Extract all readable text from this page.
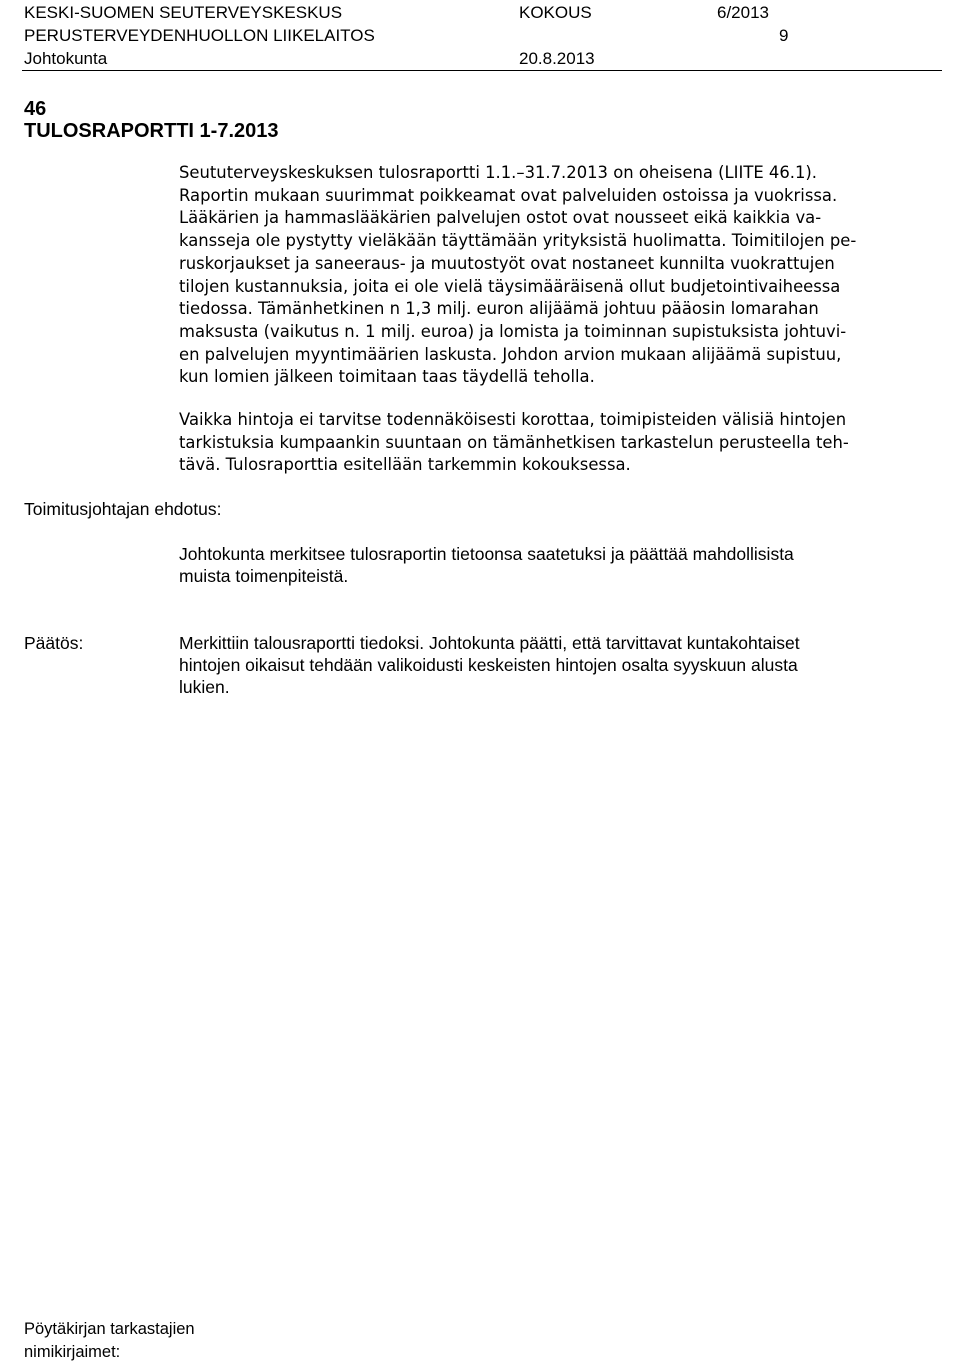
KESKI-SUOMEN SEUTERVEYSKESKUS
PERUSTERVEYDENHUOLLON LIIKELAITOS
Johtokunta
KOKOUS
20.8.2013
6/2013
9
46
TULOSRAPORTTI 1-7.2013
Seututerveyskeskuksen tulosraportti 1.1.–31.7.2013 on oheisena (LIITE 46.1).
Raportin mukaan suurimmat poikkeamat ovat palveluiden ostoissa ja vuokrissa.
Lääkärien ja hammaslääkärien palvelujen ostot ovat nousseet eikä kaikkia va-
kansseja ole pystytty vieläkään täyttämään yrityksistä huolimatta. Toimitilojen pe-
ruskorjaukset ja saneeraus- ja muutostyöt ovat nostaneet kunnilta vuokrattujen
tilojen kustannuksia, joita ei ole vielä täysimääräisenä ollut budjetointivaiheessa
tiedossa. Tämänhetkinen n 1,3 milj. euron alijäämä johtuu pääosin lomarahan
maksusta (vaikutus n. 1 milj. euroa) ja lomista ja toiminnan supistuksista johtuvi-
en palvelujen myyntimäärien laskusta. Johdon arvion mukaan alijäämä supistuu,
kun lomien jälkeen toimitaan taas täydellä teholla.
Vaikka hintoja ei tarvitse todennäköisesti korottaa, toimipisteiden välisiä hintojen
tarkistuksia kumpaankin suuntaan on tämänhetkisen tarkastelun perusteella teh-
tävä. Tulosraporttia esitellään tarkemmin kokouksessa.
Toimitusjohtajan ehdotus:
Johtokunta merkitsee tulosraportin tietoonsa saatetuksi ja päättää mahdollisista
muista toimenpiteistä.
Päätös:	Merkittiin talousraportti tiedoksi. Johtokunta päätti, että tarvittavat kuntakohtaiset
hintojen oikaisut tehdään valikoidusti keskeisten hintojen osalta syyskuun alusta
lukien.
Pöytäkirjan tarkastajien
nimikirjaimet:
